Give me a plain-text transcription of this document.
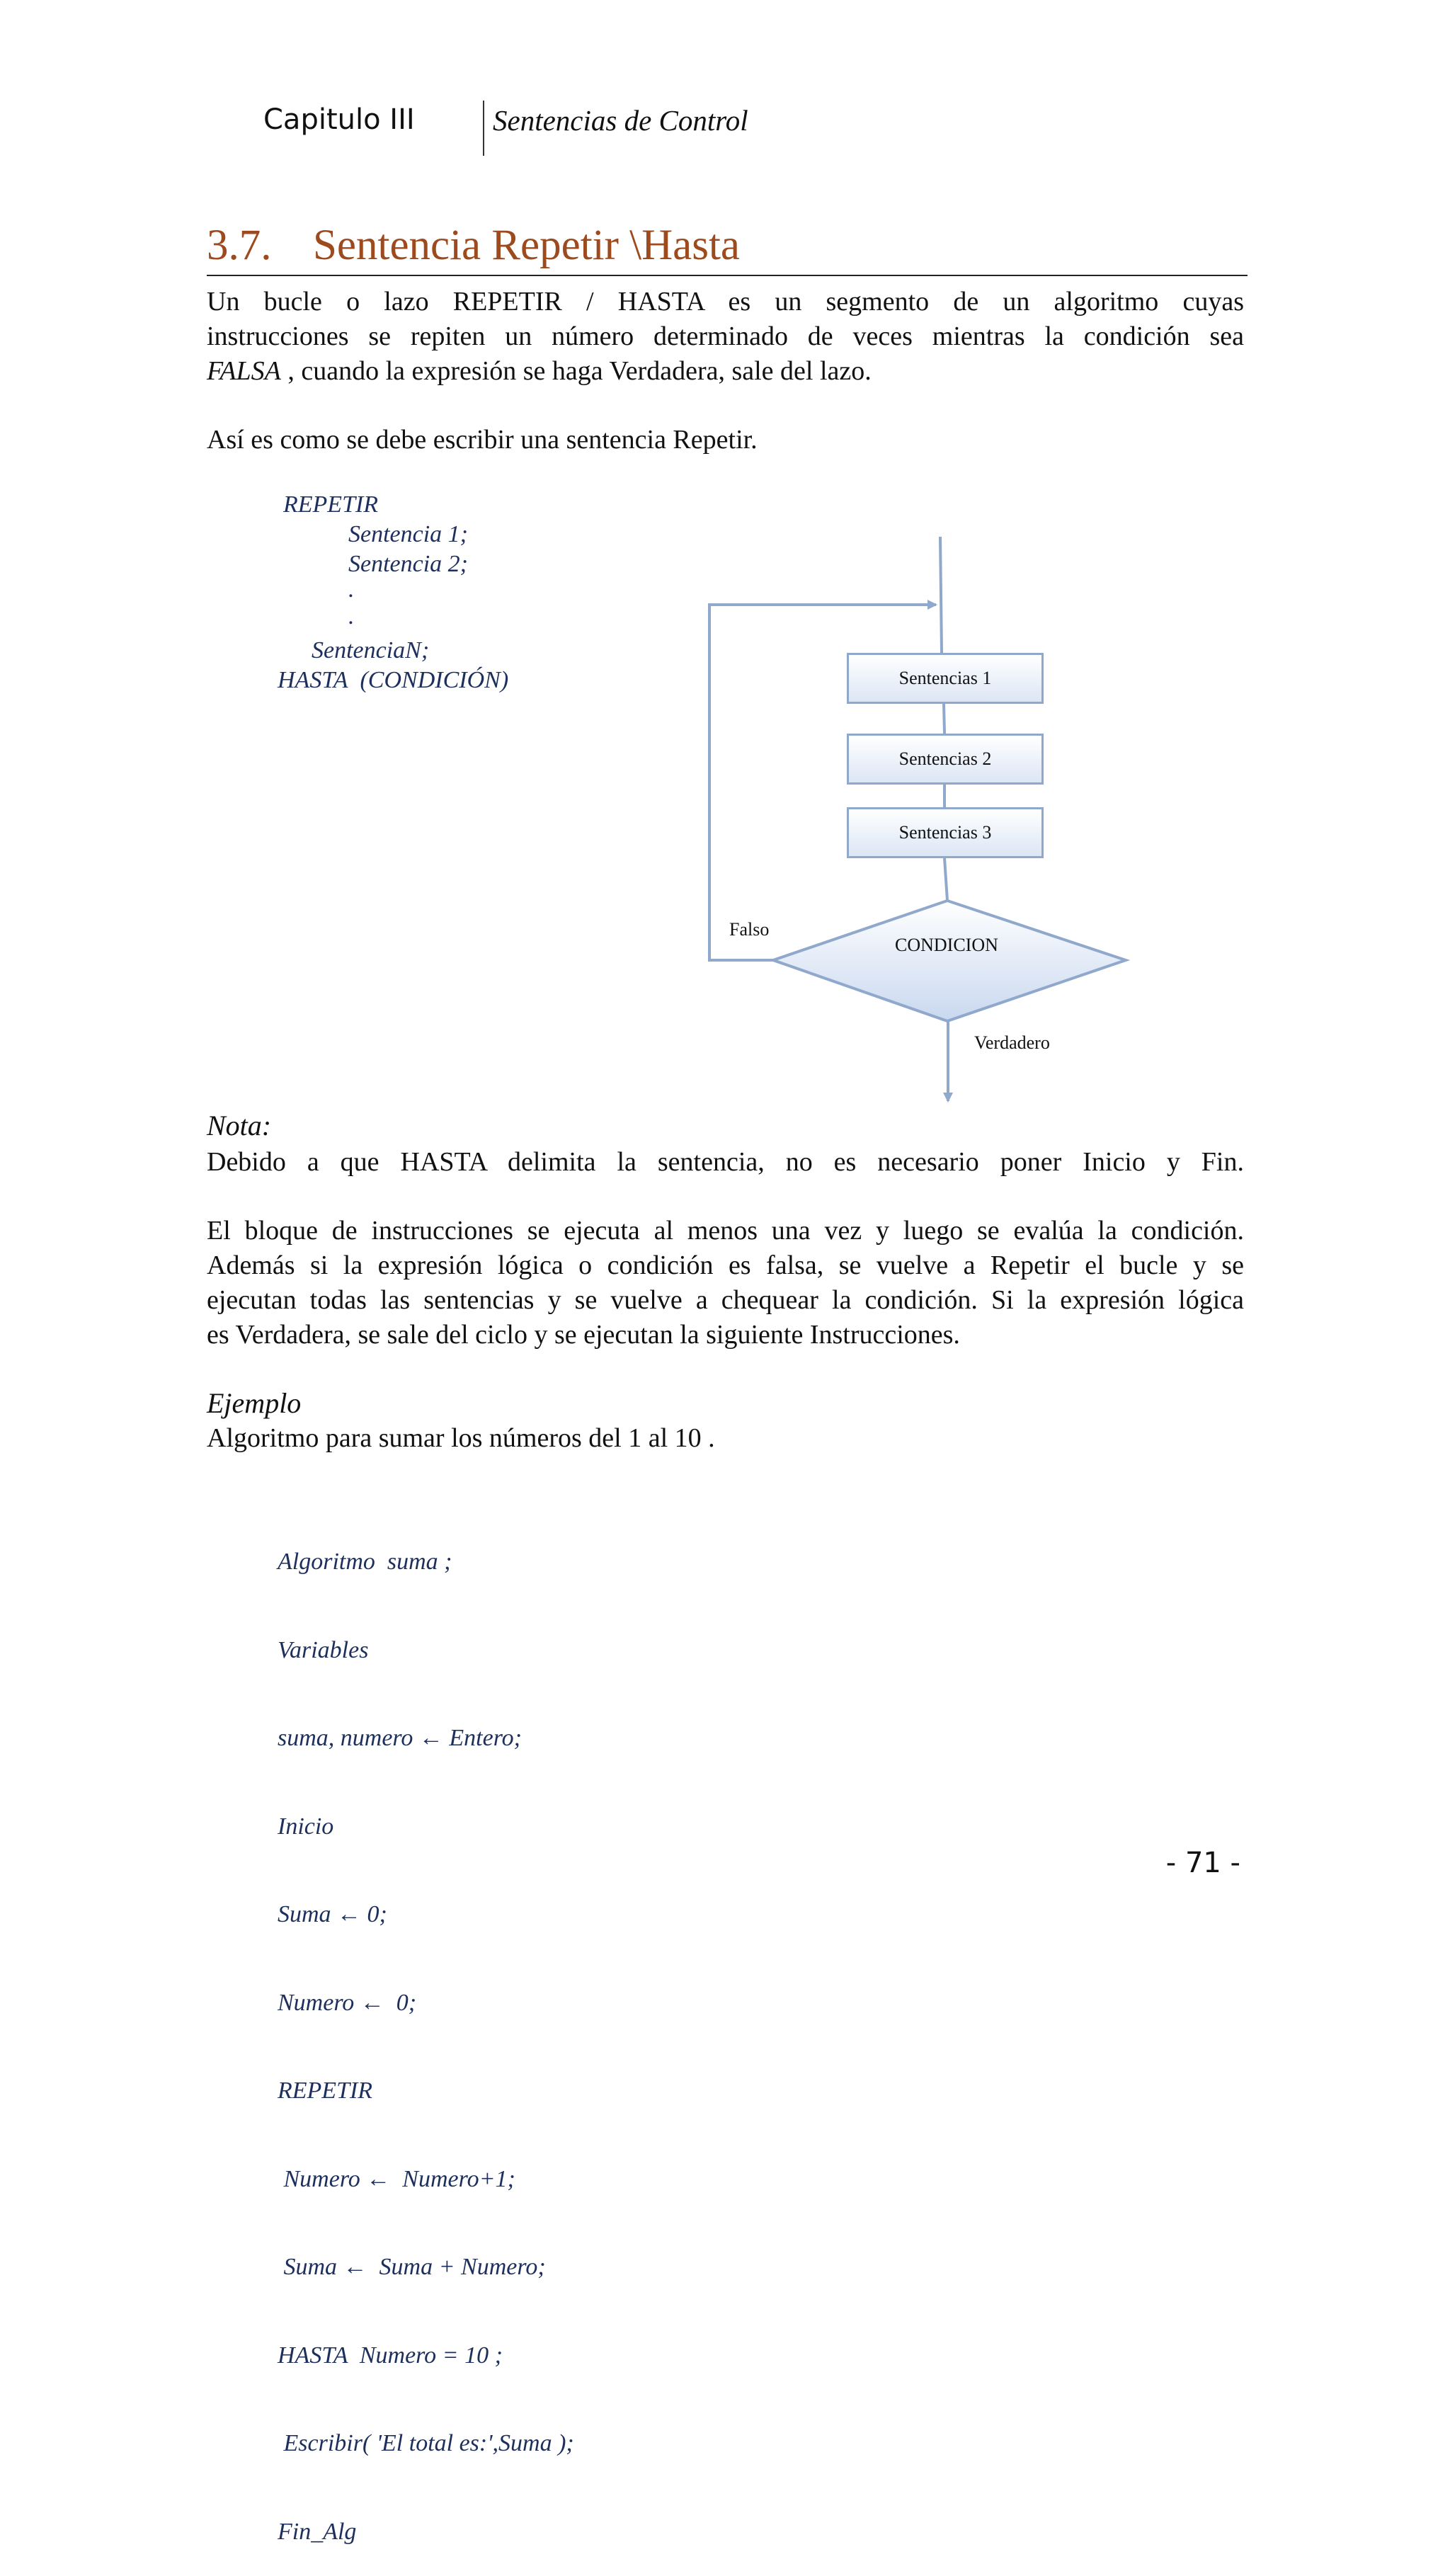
Capitulo III	Sentencias de Control
3.7. Sentencia Repetir \Hasta
Un bucle o lazo REPETIR / HASTA es un segmento de un algoritmo cuyas
instrucciones se repiten un número determinado de veces mientras la condición sea
FALSA , cuando la expresión se haga Verdadera, sale del lazo.
Así es como se debe escribir una sentencia Repetir.
REPETIR
Sentencia 1;
Sentencia 2;
.
.
SentenciaN;
HASTA (CONDICIÓN)	Sentencias 1
Sentencias 2
Sentencias 3
CONDICION
Falso
Verdadero
Nota:
Debido a que HASTA delimita la sentencia, no es necesario poner Inicio y Fin.
El bloque de instrucciones se ejecuta al menos una vez y luego se evalúa la condición.
Además si la expresión lógica o condición es falsa, se vuelve a Repetir el bucle y se
ejecutan todas las sentencias y se vuelve a chequear la condición. Si la expresión lógica
es Verdadera, se sale del ciclo y se ejecutan la siguiente Instrucciones.
Ejemplo
Algoritmo para sumar los números del 1 al 10 .

Algoritmo  suma ;

Variables

suma, numero ← Entero;

Inicio

Suma ← 0;

Numero ←  0;

REPETIR

Numero ←  Numero+1;

Suma ←  Suma + Numero;

HASTA  Numero = 10 ;

Escribir( 'El total es:',Suma );

Fin_Alg

- 71 -
